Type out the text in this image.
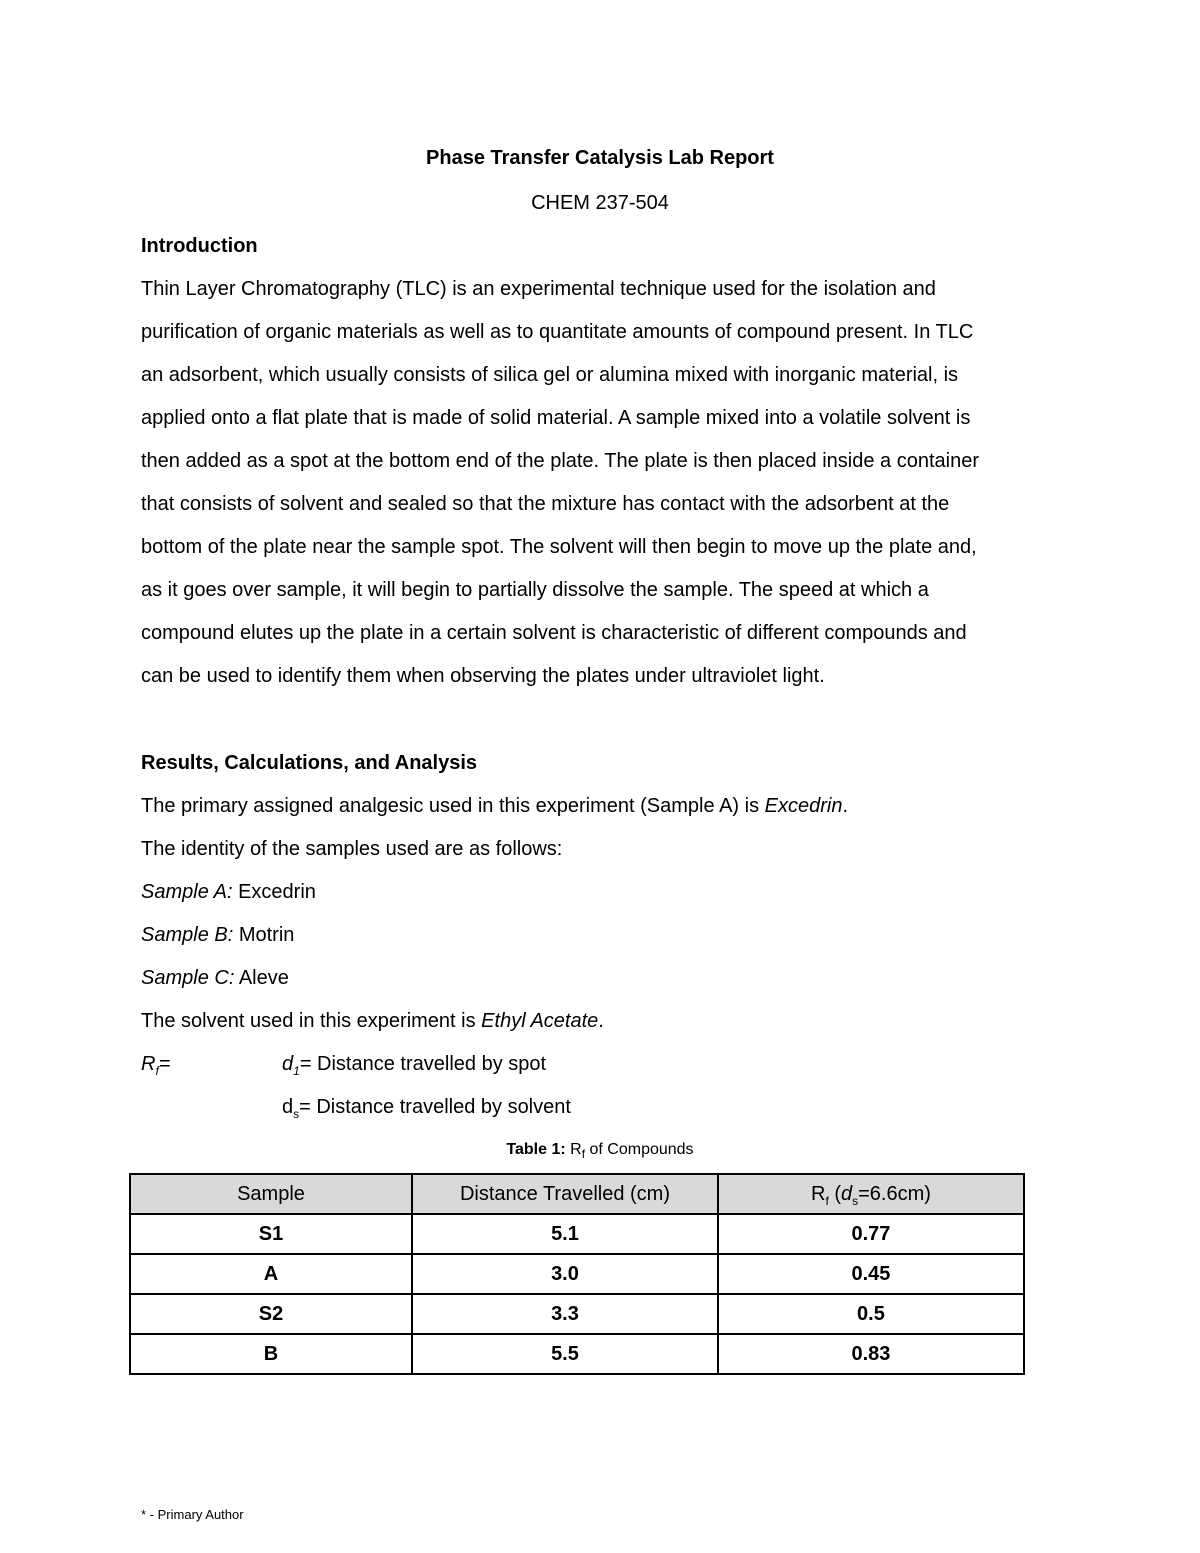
Phase Transfer Catalysis Lab Report
CHEM 237-504
Introduction
Thin Layer Chromatography (TLC) is an experimental technique used for the isolation and
purification of organic materials as well as to quantitate amounts of compound present. In TLC
an adsorbent, which usually consists of silica gel or alumina mixed with inorganic material, is
applied onto a flat plate that is made of solid material. A sample mixed into a volatile solvent is
then added as a spot at the bottom end of the plate. The plate is then placed inside a container
that consists of solvent and sealed so that the mixture has contact with the adsorbent at the
bottom of the plate near the sample spot. The solvent will then begin to move up the plate and,
as it goes over sample, it will begin to partially dissolve the sample. The speed at which a
compound elutes up the plate in a certain solvent is characteristic of different compounds and
can be used to identify them when observing the plates under ultraviolet light.
Results, Calculations, and Analysis
The primary assigned analgesic used in this experiment (Sample A) is Excedrin.
The identity of the samples used are as follows:
Sample A: Excedrin
Sample B: Motrin
Sample C: Aleve
The solvent used in this experiment is Ethyl Acetate.
$R_f=$	$d_1=$ Distance travelled by spot
$d_s=$ Distance travelled by solvent
Table 1: $R_f$ of Compounds
Sample	Distance Travelled (cm)	$R_f$ $(d_s=6.6cm)$
S1	5.1	0.77
A	3.0	0.45
S2	3.3	0.5
B	5.5	0.83
* - Primary Author
